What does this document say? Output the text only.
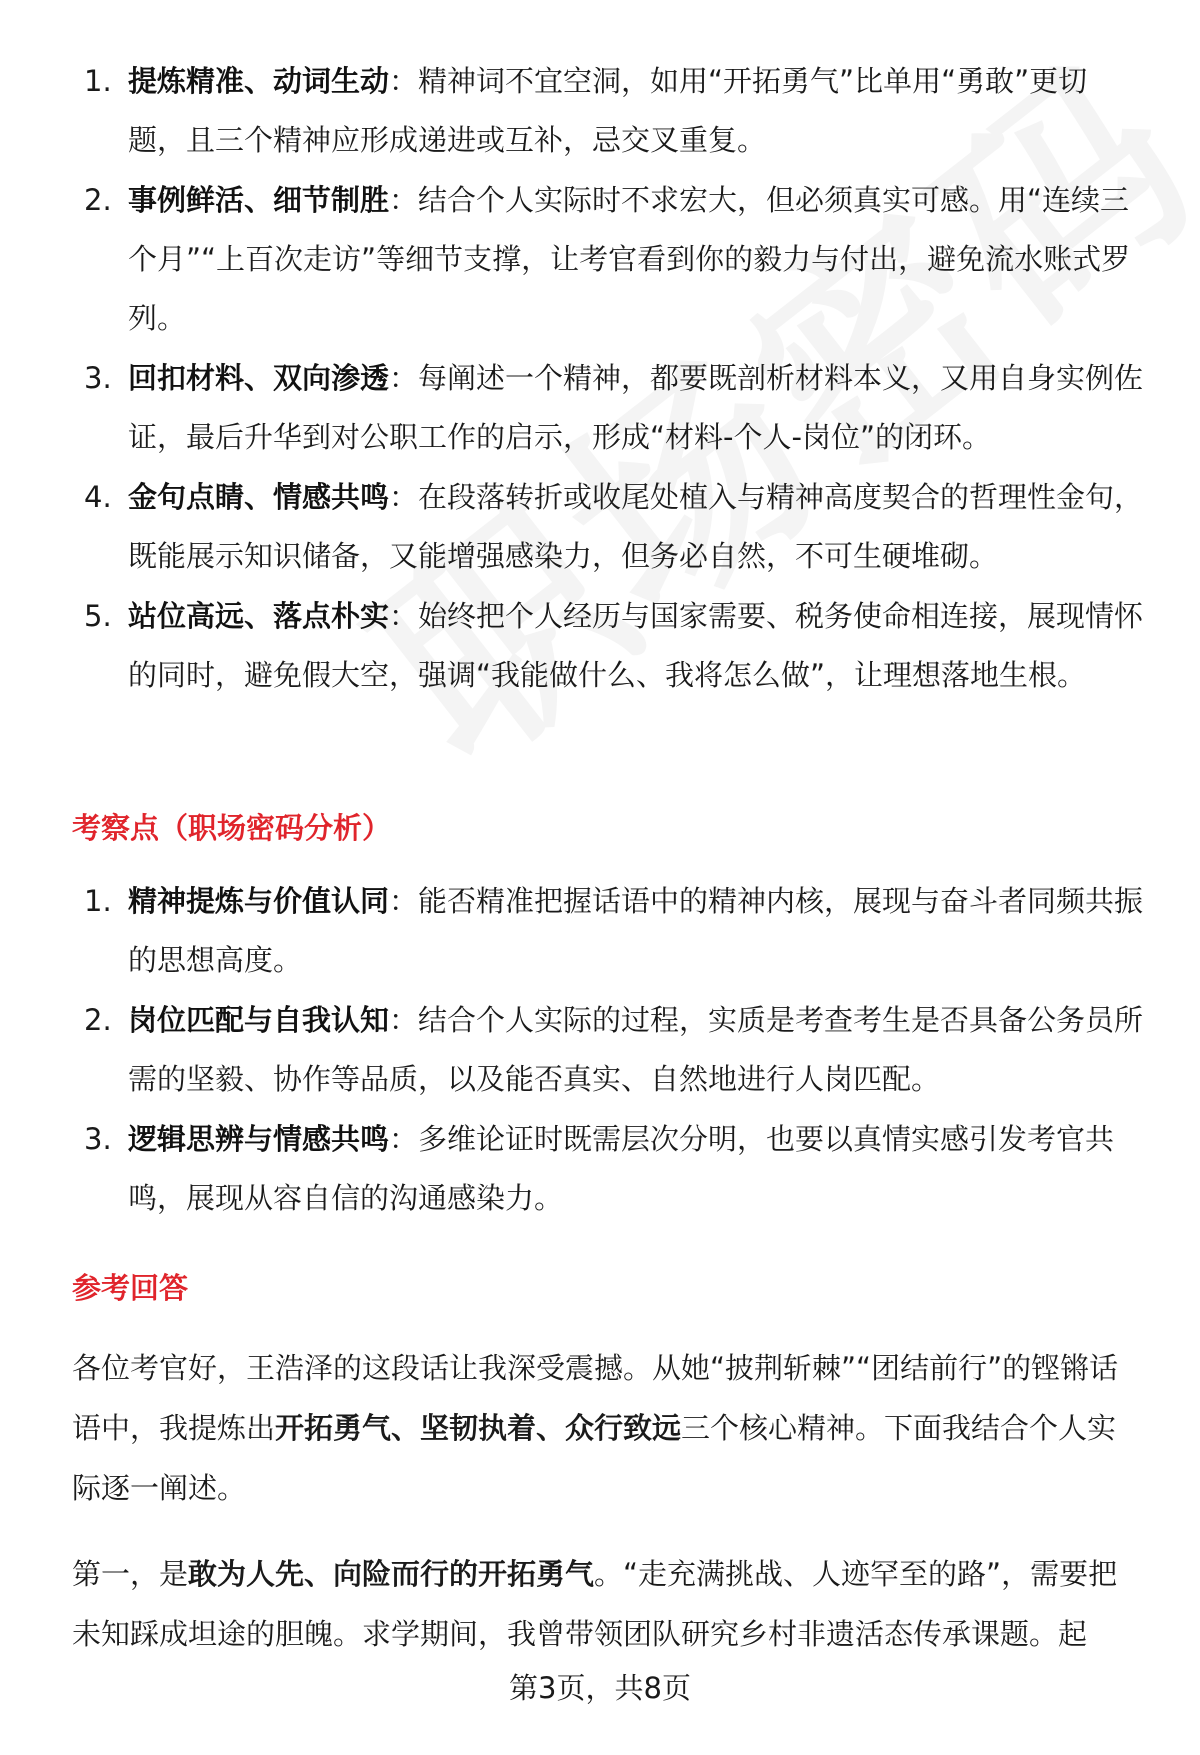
1. 提炼精准、动词生动：精神词不宜空洞，如用“开拓勇气”比单用“勇敢”更切题，且三个精神应形成递进或互补，忌交叉重复。
2. 事例鲜活、细节制胜：结合个人实际时不求宏大，但必须真实可感。用“连续三个月”“上百次走访”等细节支撑，让考官看到你的毅力与付出，避免流水账式罗列。
3. 回扣材料、双向渗透：每阐述一个精神，都要既剖析材料本义，又用自身实例佐证，最后升华到对公职工作的启示，形成“材料-个人-岗位”的闭环。
4. 金句点睛、情感共鸣：在段落转折或收尾处植入与精神高度契合的哲理性金句，既能展示知识储备，又能增强感染力，但务必自然，不可生硬堆砌。
5. 站位高远、落点朴实：始终把个人经历与国家需要、税务使命相连接，展现情怀的同时，避免假大空，强调“我能做什么、我将怎么做”，让理想落地生根。
考察点（职场密码分析）
1. 精神提炼与价值认同：能否精准把握话语中的精神内核，展现与奋斗者同频共振的思想高度。
2. 岗位匹配与自我认知：结合个人实际的过程，实质是考查考生是否具备公务员所需的坚毅、协作等品质，以及能否真实、自然地进行人岗匹配。
3. 逻辑思辨与情感共鸣：多维论证时既需层次分明，也要以真情实感引发考官共鸣，展现从容自信的沟通感染力。
参考回答
各位考官好，王浩泽的这段话让我深受震撼。从她“披荆斩棘”“团结前行”的铿锵话语中，我提炼出开拓勇气、坚韧执着、众行致远三个核心精神。下面我结合个人实际逐一阐述。
第一，是敢为人先、向险而行的开拓勇气。“走充满挑战、人迹罕至的路”，需要把未知踩成坦途的胆魄。求学期间，我曾带领团队研究乡村非遗活态传承课题。起
第3页，共8页
